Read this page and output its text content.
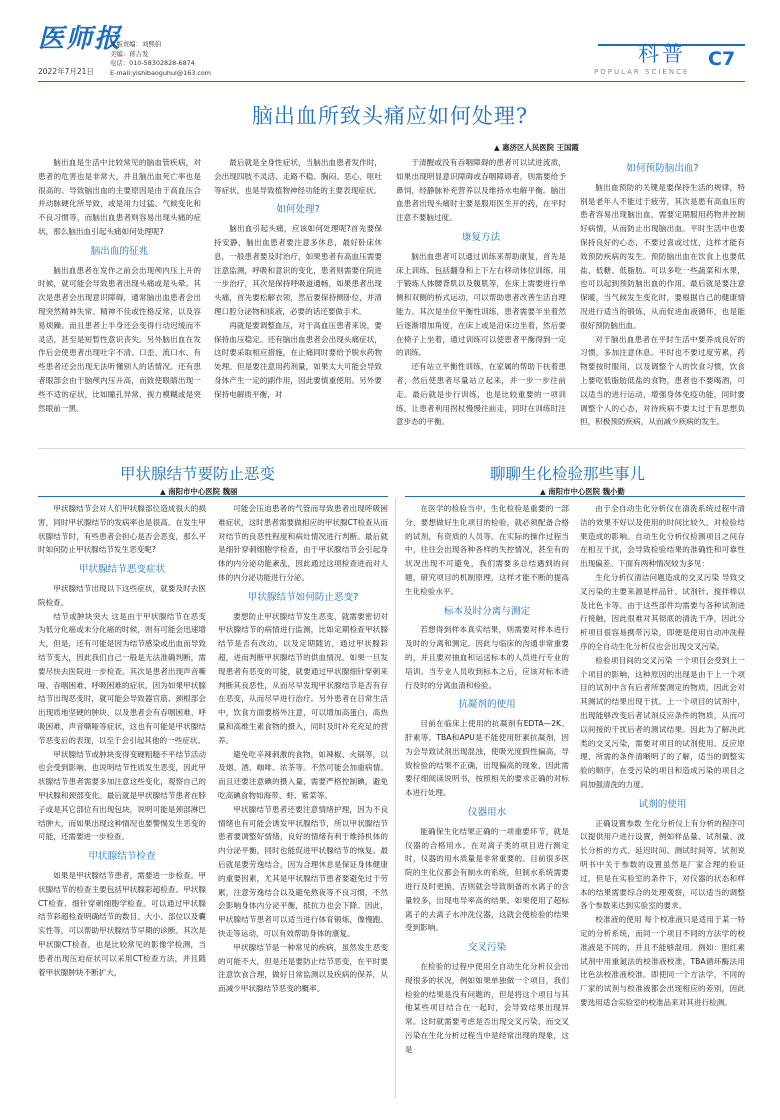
医师报
2022年7月21日
本版责编：刘熙伯
美编：蒋吉发
电话：010-58302828-6874
E-mail:yishibaoguhui@163.com
科普
POPULAR SCIENCE
C7
脑出血所致头痛应如何处理?
▲ 惠济区人民医院 王国霞

脑出血是生活中比较常见的脑血管疾病，对患者的危害也是非常大，并且脑出血死亡率也是很高的。导致脑出血的主要原因是由于高血压合并动脉硬化所导致，或是用力过猛、气候变化和不良习惯等，而脑出血患者则容易出现头痛的症状，那么脑出血引起头痛如何处理呢?

脑出血的征兆

脑出血患者在发作之前会出现颅内压上升的时候，就可能会导致患者出现头痛或是头晕。其次是患者会出现意识障碍，通常脑出血患者会出现突然精神失常、精神不佳或性格反常，以及容易烦躁。而且患者上半身还会变得行动迟缓而不灵活，甚至是短暂性意识丧失。另外脑出血在发作后会使患者出现吐字不清、口歪、流口水、有些患者还会出现无法听懂别人的话情况。还有患者眼部会由于脑颅内压升高，而致使眼睛出现一些不适的症状，比如瞳孔异常、视力模糊或是突然眼前一黑。

最后就是全身性症状，当脑出血患者发作时，会出现四肢不灵活、走路不稳、胸闷、恶心、呕吐等症状，也是导致植物神经功能的主要表现症状。

如何处理?

脑出血引起头痛，应该如何处理呢?首先要保持安静，脑出血患者要注意多休息，最好卧床休息，一般患者要及时治疗，如果患者有高血压需要注意监测，呼吸和意识的变化，患者则需要住院进一步治疗，其次是保持呼吸道通畅，如果患者出现头痛，首先要松解衣领，然后要保持侧卧位，并清理口腔分泌物和痰液，必要的话还要做手术。

再就是要调整血压，对于高血压患者来说，要保持血压稳定。还有脑出血患者会出现头痛症状，这时要采取相应措施，在止痛同时要给予脱水药物处理。但是要注意用药剂量，如果太大可能会导致身体产生一定的副作用，因此要慎重使用。另外要保持电解质平衡，对

于清醒或没有吞咽障碍的患者可以试进流质，如果出现明显意识障碍或吞咽障碍者，则需要给予鼻饲，经静脉补充营养以及维持水电解平衡。脑出血患者出现头痛时主要是服用医生开的药，在平时注意不要脑过度。

康复方法

脑出血患者可以通过训练来帮助康复，首先是床上训练，包括翻身和上下左右移动体位训练。用于锻炼人体腰背肌以及腹肌等，在床上需要进行单侧和双侧的桥式运动，可以帮助患者改善生活自理能力。其次是坐位平衡性训练，患者需要半坐着然后逐渐增加角度，在床上或是沿床边坐着，然后要在椅子上坐着，通过训练可以使患者平衡得到一定的训练。

还有站立平衡性训练，在家属的帮助下扶着患者，然后使患者尽量站立起来，并一步一步往前走。最后就是步行训练，也是比较重要的一项训练，让患者利用拐杖慢慢往前走，同时在训练时注意步态的平衡。

如何预防脑出血?

脑出血预防的关键是要保持生活的规律，特别是老年人不能过于疲劳，其次是患有高血压的患者容易出现脑出血，需要定期服用药物并控制好病情，从而防止出现脑出血。平时生活中也要保持良好的心态，不要过喜或过忧，这样才能有效预防疾病的发生。预防脑出血在饮食上也要低盐、低糖、低脂肪。可以多吃一些蔬菜和水果，也可以起到预防脑出血的作用。最后就是要注意保暖，当气候发生变化时，要根据自己的健康情况进行适当的锻炼，从而促进血液循环，也是能很好预防脑出血。

对于脑出血患者在平时生活中要养成良好的习惯，多加注意休息。平时也不要过度劳累，药物要按时服用，以及调整个人的饮食习惯，饮食上要吃低脂肪低盐的食物，患者也不要喝酒，可以适当的进行运动，增强身体免疫功能，同时要调整个人的心态，对待疾病不要太过于有思想负担，积极预防疾病，从而减少疾病的发生。

甲状腺结节要防止恶变
▲ 南阳市中心医院 魏丽

甲状腺结节会对人们甲状腺部位造成很大的损害，同时甲状腺结节的发病率也是很高。在发生甲状腺结节时，有些患者会担心是否会恶变，那么平时如何防止甲状腺结节发生恶变呢?

甲状腺结节恶变症状

甲状腺结节出现以下这些症状，就要及时去医院检查。

结节或肿块突大 这是由于甲状腺结节在恶变为低分化癌或未分化癌的时候，则有可能会迅速增大，但是，还有可能是因为结节感染或出血而导致结节变大，因此我们自己一般是无法准确判断，需要尽快去医院进一步检查。其次是患者出现声音嘶哑、吞咽困难、呼吸困难的症状，因为如果甲状腺结节出现恶变时，就可能会导致器官筋、颈根部会出现质地坚硬的肿块，以及患者会有吞咽困难、呼吸困难、声音嘶哑等症状，这也有可能是甲状腺结节恶变后的表现，以至于会引起其他的一些症状。

甲状腺结节或肿块变得变硬粗糙不平结节活动也会受到影响，也说明结节性质发生恶变，因此甲状腺结节患者需要多加注意这些变化，观察自己的甲状腺和颈部变化。最后就是甲状腺结节患者在脖子或是其它部位有出现包块，说明可能是颈部淋巴结肿大，而如果出现这种情况也要警惕发生恶变的可能，还需要进一步检查。

甲状腺结节检查

如果是甲状腺结节患者，需要进一步检查。甲状腺结节的检查主要包括甲状腺彩超检查、甲状腺CT检查、细针穿刺细胞学检查。可以通过甲状腺结节彩超检查明确结节的数目、大小、部位以及囊实性等，可以帮助甲状腺结节早期的诊断。其次是甲状腺CT检查，也是比较常见的影像学检测，当患者出现压迫症状可以采用CT检查方法，并且随着甲状腺肿块不断扩大，

可能会压迫患者的气管而导致患者出现呼吸困难症状，这时患者需要做相应的甲状腺CT检查从而对结节的良恶性程度和病灶情况进行判断。最后就是细针穿刺细胞学检查，由于甲状腺结节会引起身体的内分泌功能紊乱，因此通过这项检查进而对人体的内分泌功能进行分泌。

甲状腺结节如何防止恶变?

要想防止甲状腺结节发生恶变，就需要密切对甲状腺结节的病情进行监测，比如定期检查甲状腺结节是否有改动，以及定期随访，通过甲状腺彩超，进而判断甲状腺结节的供血情况。如果一旦发现患者有恶变的可能，就要通过甲状腺细针穿刺来判断其良恶性，从而尽早发现甲状腺结节是否有存在恶变，从而尽早进行治疗。另外患者在日常生活中，饮食方面要格外注意，可以增加高蛋白、高热量和高维生素食物的摄入，同时及时补充充足的营养。

避免吃辛辣刺激的食物，如辣椒、火锅等，以及烟、酒、咖啡、浓茶等。不然可能会加重病情。而且还要注意碘的摄入量，需要严格控制碘，避免吃高碘食物如海带、虾、紫菜等。

甲状腺结节患者还要注意情绪护理，因为不良情绪也有可能会诱发甲状腺结节，所以甲状腺结节患者要调整好情绪，良好的情绪有利于维持机体的内分泌平衡，同时也能促进甲状腺结节的恢复。最后就是要劳逸结合，因为合理休息是保证身体健康的重要因素，尤其是甲状腺结节患者要避免过于劳累，注意劳逸结合以及避免熬夜等不良习惯，不然会影响身体内分泌平衡，抵抗力也会下降。因此，甲状腺结节患者可以适当进行体育锻炼，像慢跑、快走等运动，可以有效帮助身体的康复。

甲状腺结节是一种常见的疾病，虽然发生恶变的可能不大，但是还是要防止结节恶变，在平时要注意饮食合理，做好日常监测以及疾病的保养，从而减少甲状腺结节恶变的概率。

聊聊生化检验那些事儿
▲ 南阳市中心医院 魏小勤

在医学的检验当中，生化检验是重要的一部分，要想做好生化项目的检验，就必须配备合格的试剂，有资质的人员等。在实际的操作过程当中，往往会出现各种各样的失控情况，甚至有的状况出现不可避免，我们需要多总结遇到的问题，研究项目的机制原理，这样才能不断的提高生化检验水平。

标本及时分离与测定

若想得到样本真实结果，则需要对样本进行及时的分离和测定。因此与临床的沟通非常重要的，并且要对抽血和运送标本的人员进行专业的培训。当专业人员收到标本之后，应该对标本进行及时的分离血清和检验。

抗凝剂的使用

目前在临床上使用的抗凝剂有EDTA—2K、肝素等。TBA和APU是不能使用肝素抗凝剂，因为会导致试剂出现混浊，使吸光度假性偏高，导致检验的结果不正确，出现偏高的现象，因此需要仔细阅读说明书，按照相关的要求正确的对标本进行处理。

仪器用水

能确保生化结果正确的一项重要环节，就是仪器的合格用水。在对离子类的项目进行测定时，仪器的用水质量是非常重要的。目前很多医院的生化仪都会有制水的系统，但制水系统需要进行及时更换，否则就会导致制备的水离子的含量较多，出现电导率高的结果。如果使用了超标离子的去离子水冲洗仪器，这就会使检验的结果受到影响。

交叉污染

在检验的过程中使用全自动生化分析仪会出现很多的状况，例如如果单独做一个项目，我们检验的结果是没有问题的，但是将这个项目与其他某些项目结合在一起时，会导致结果出现异常。这时就需要考虑是否出现交叉污染，而交叉污染在生化分析过程当中是经常出现的现象，这是

由于全自动生化分析仪在清洗系统过程中清洁的效果不好以及使用的时间比较久，对检验结果造成的影响。自动生化分析仪检测项目之间存在相互干扰，会导致检验结果的准确性和可靠性出现偏差。下面有两种情况较为多见：

生化分析仪清洁问题造成的交叉污染 导致交叉污染的主要来源是样品针、试剂针、搅拌棒以及比色卡等。由于这些部件均需要与各种试剂进行接触，因此很难对其彻底的清洗干净，因此分析项目很容易携带污染，即便是使用自动冲洗程序的全自动生化分析仪也会出现交叉污染。

检验项目间的交叉污染 一个项目会受到上一个项目的影响，这种原因的出现是由于上一个项目的试剂中含有后者所要测定的物质，因此会对其测试的结果出现干扰。上一个项目的试剂中，出现能够改变后者试剂反应条件的物质，从而可以间接的干扰后者的测试结果。因此为了解决此类的交叉污染，需要对项目的试剂使用、反应原理、所需的条件清晰明了的了解，适当的调整实验的顺序，在受污染的项目和造成污染的项目之间加强清洗的力度。

试剂的使用

正确设置参数 生化分析仪上有分析的程序可以提供用户进行设置，例如样品量、试剂量、波长分析的方式、延迟时间、测试时间等。试剂说明书中关于参数的设置虽然是厂家合理的验证过，但是在实验室的条件下，对仪器的状态和样本的结果需要综合的处理观察，可以适当的调整各个参数来达到实验室的要求。

校准液的使用 每个校准液只是适用于某一特定的分析系统，而同一个项目不同的方法学的校准液是不同的，并且不能够混用。例如：胆红素试剂中用重氮法的校准液校准，TBA循环酶法用比色法校准液校准。即使同一个方法学，不同的厂家的试剂与校准液都会出现相应的差别，因此要选用适合实验室的校准品来对其进行检测。
